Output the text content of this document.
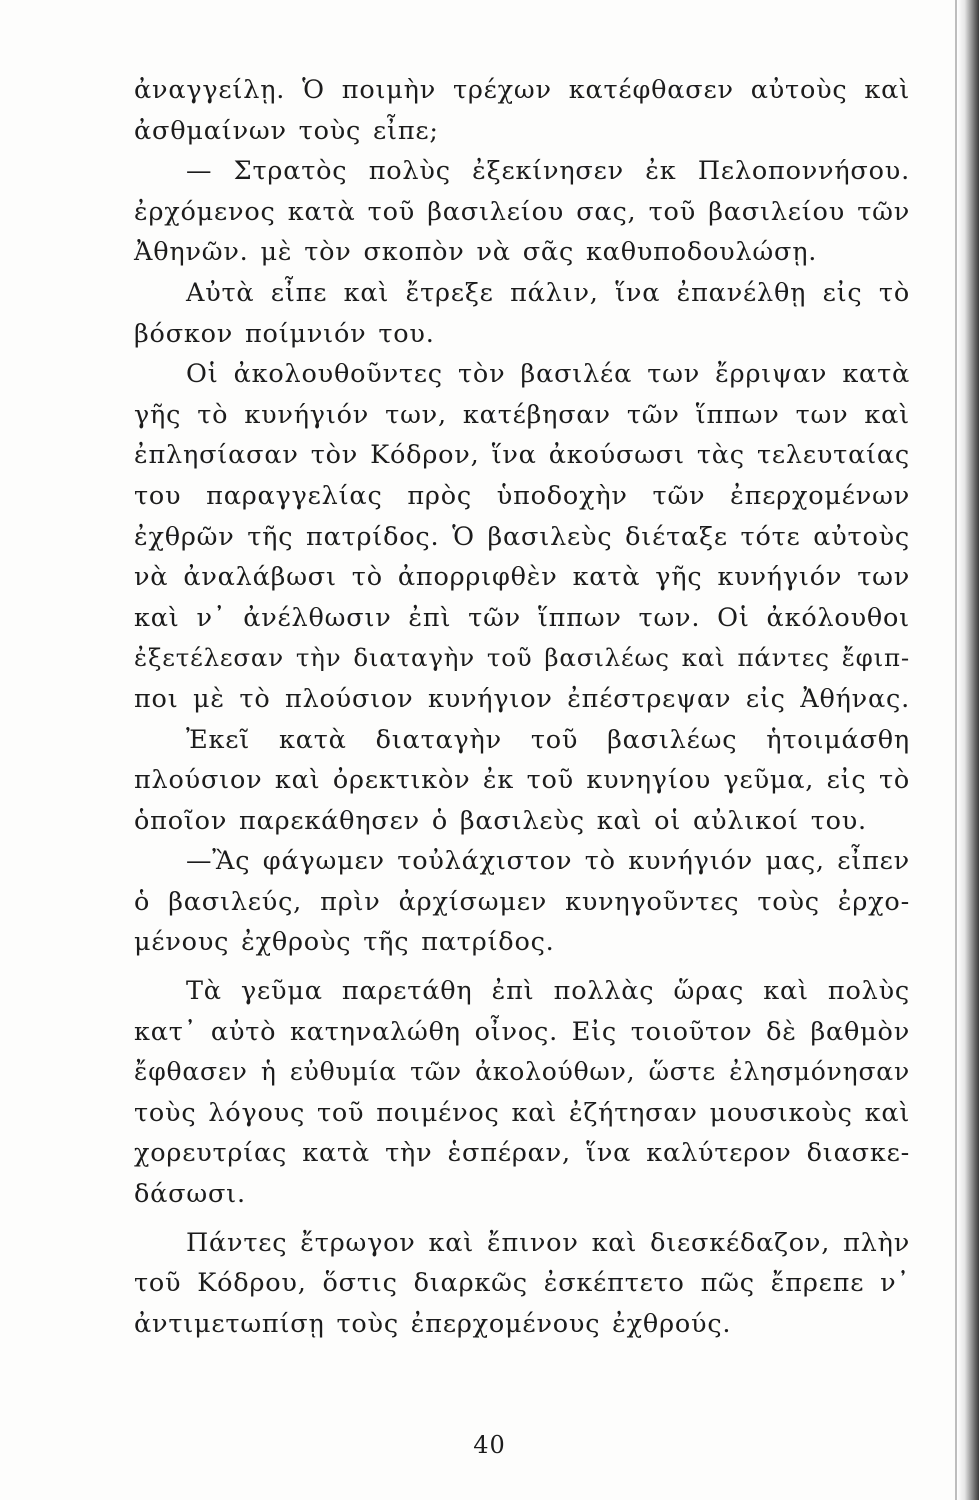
ἀναγγείλῃ. Ὁ ποιμὴν τρέχων κατέφθασεν αὐτοὺς καὶ
ἀσθμαίνων τοὺς εἶπε;
— Στρατὸς πολὺς ἐξεκίνησεν ἐκ Πελοποννήσου.
ἐρχόμενος κατὰ τοῦ βασιλείου σας, τοῦ βασιλείου τῶν
Ἀθηνῶν. μὲ τὸν σκοπὸν νὰ σᾶς καθυποδουλώσῃ.
Αὐτὰ εἶπε καὶ ἔτρεξε πάλιν, ἵνα ἐπανέλθῃ εἰς τὸ
βόσκον ποίμνιόν του.
Οἱ ἀκολουθοῦντες τὸν βασιλέα των ἔρριψαν κατὰ
γῆς τὸ κυνήγιόν των, κατέβησαν τῶν ἵππων των καὶ
ἐπλησίασαν τὸν Κόδρον, ἵνα ἀκούσωσι τὰς τελευταίας
του παραγγελίας πρὸς ὑποδοχὴν τῶν ἐπερχομένων
ἐχθρῶν τῆς πατρίδος. Ὁ βασιλεὺς διέταξε τότε αὐτοὺς
νὰ ἀναλάβωσι τὸ ἀπορριφθὲν κατὰ γῆς κυνήγιόν των
καὶ ν᾽ ἀνέλθωσιν ἐπὶ τῶν ἵππων των. Οἱ ἀκόλουθοι
ἐξετέλεσαν τὴν διαταγὴν τοῦ βασιλέως καὶ πάντες ἔφιπ-
ποι μὲ τὸ πλούσιον κυνήγιον ἐπέστρεψαν εἰς Ἀθήνας.
Ἐκεῖ κατὰ διαταγὴν τοῦ βασιλέως ἡτοιμάσθη
πλούσιον καὶ ὀρεκτικὸν ἐκ τοῦ κυνηγίου γεῦμα, εἰς τὸ
ὁποῖον παρεκάθησεν ὁ βασιλεὺς καὶ οἱ αὐλικοί του.
—Ἂς φάγωμεν τοὐλάχιστον τὸ κυνήγιόν μας, εἶπεν
ὁ βασιλεύς, πρὶν ἀρχίσωμεν κυνηγοῦντες τοὺς ἐρχο-
μένους ἐχθροὺς τῆς πατρίδος.
Τὰ γεῦμα παρετάθη ἐπὶ πολλὰς ὥρας καὶ πολὺς
κατ᾽ αὐτὸ κατηναλώθη οἶνος. Εἰς τοιοῦτον δὲ βαθμὸν
ἔφθασεν ἡ εὐθυμία τῶν ἀκολούθων, ὥστε ἐλησμόνησαν
τοὺς λόγους τοῦ ποιμένος καὶ ἐζήτησαν μουσικοὺς καὶ
χορευτρίας κατὰ τὴν ἑσπέραν, ἵνα καλύτερον διασκε-
δάσωσι.
Πάντες ἔτρωγον καὶ ἔπινον καὶ διεσκέδαζον, πλὴν
τοῦ Κόδρου, ὅστις διαρκῶς ἐσκέπτετο πῶς ἔπρεπε ν᾽
ἀντιμετωπίσῃ τοὺς ἐπερχομένους ἐχθρούς.
40
